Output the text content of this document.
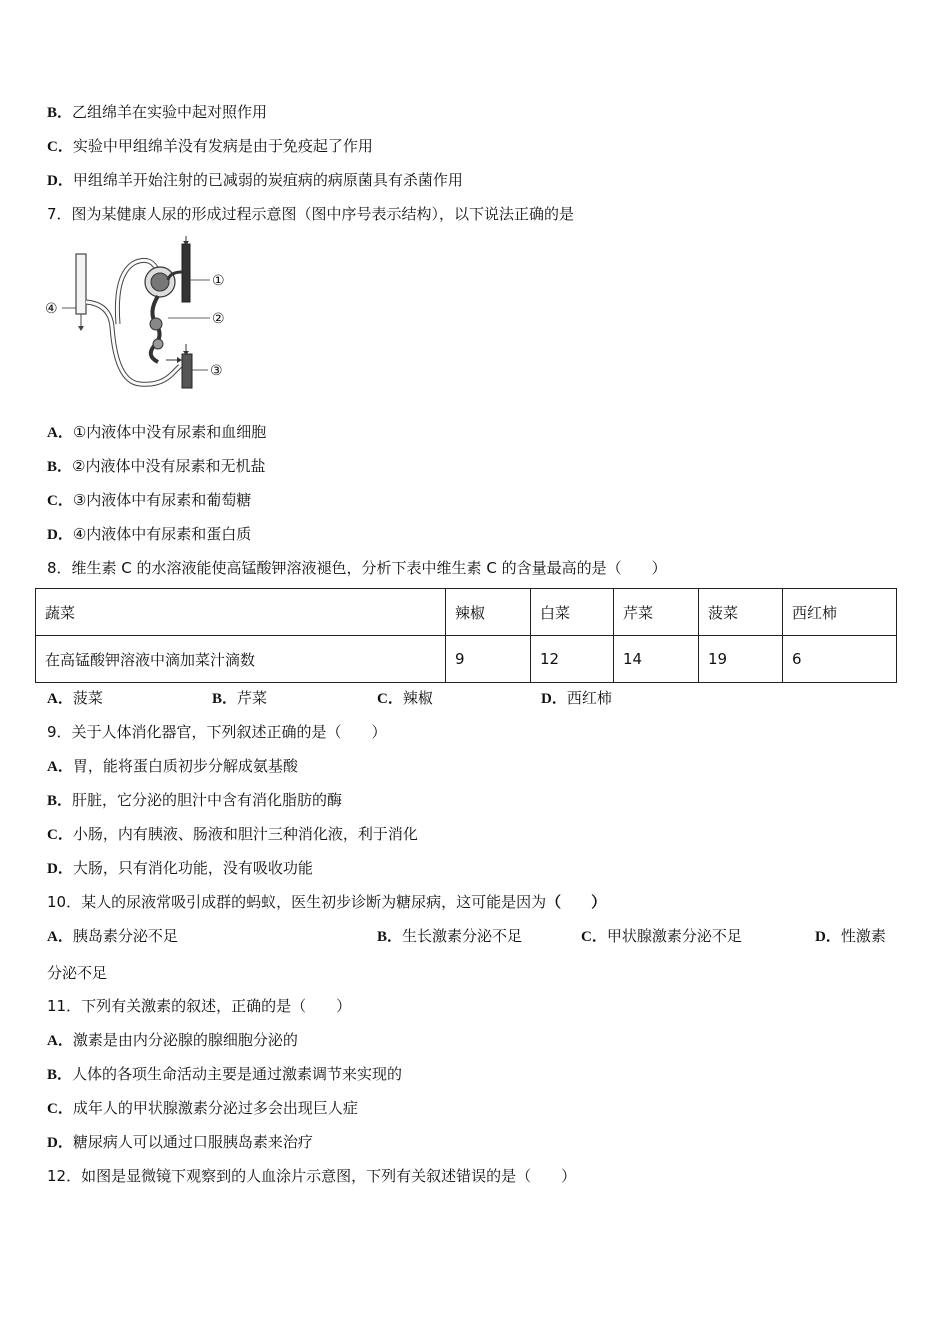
B．乙组绵羊在实验中起对照作用
C．实验中甲组绵羊没有发病是由于免疫起了作用
D．甲组绵羊开始注射的已减弱的炭疽病的病原菌具有杀菌作用
7．图为某健康人尿的形成过程示意图（图中序号表示结构），以下说法正确的是
①
②
③
④
A．①内液体中没有尿素和血细胞
B．②内液体中没有尿素和无机盐
C．③内液体中有尿素和葡萄糖
D．④内液体中有尿素和蛋白质
8．维生素 C 的水溶液能使高锰酸钾溶液褪色，分析下表中维生素 C 的含量最高的是（　　）
蔬菜	辣椒	白菜	芹菜	菠菜	西红柿
在高锰酸钾溶液中滴加菜汁滴数	9	12	14	19	6
A．菠菜	B．芹菜	C．辣椒	D．西红柿
9．关于人体消化器官，下列叙述正确的是（　　）
A．胃，能将蛋白质初步分解成氨基酸
B．肝脏，它分泌的胆汁中含有消化脂肪的酶
C．小肠，内有胰液、肠液和胆汁三种消化液，利于消化
D．大肠，只有消化功能，没有吸收功能
10．某人的尿液常吸引成群的蚂蚁，医生初步诊断为糖尿病，这可能是因为（　　）
A．胰岛素分泌不足	B．生长激素分泌不足	C．甲状腺激素分泌不足	D．性激素
分泌不足
11．下列有关激素的叙述，正确的是（　　）
A．激素是由内分泌腺的腺细胞分泌的
B．人体的各项生命活动主要是通过激素调节来实现的
C．成年人的甲状腺激素分泌过多会出现巨人症
D．糖尿病人可以通过口服胰岛素来治疗
12．如图是显微镜下观察到的人血涂片示意图，下列有关叙述错误的是（　　）
